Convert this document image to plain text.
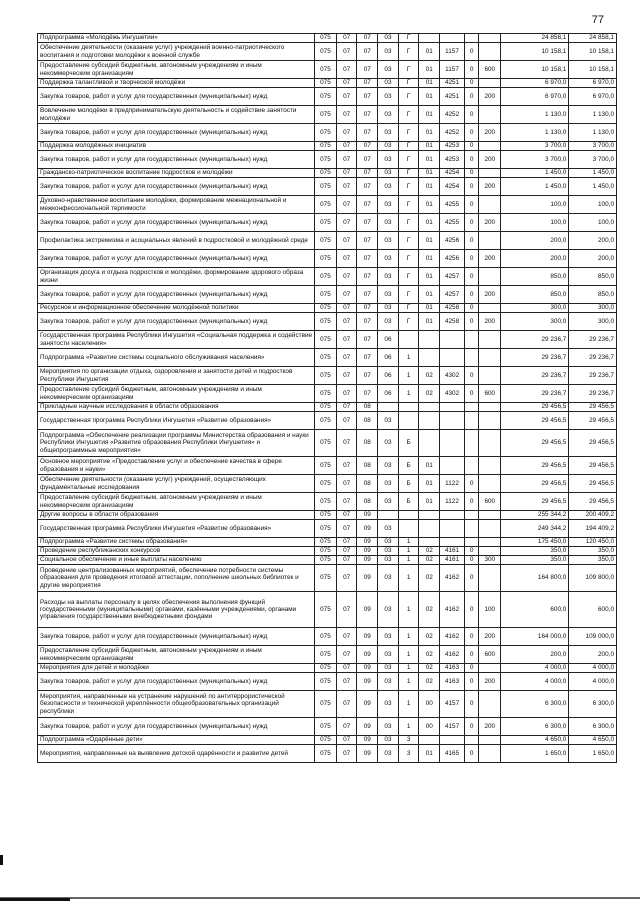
77
Подпрограмма «Молодёжь Ингушетии»	075	07	07	03	Г					24 858,1	24 858,1
Обеспечение деятельности (оказание услуг) учреждений военно-патриотического воспитания и подготовки молодёжи к военной службе	075	07	07	03	Г	01	1157	0		10 158,1	10 158,1
Предоставление субсидий бюджетным, автономным учреждениям и иным некоммерческим организациям	075	07	07	03	Г	01	1157	0	600	10 158,1	10 158,1
Поддержка талантливой и творческой молодёжи	075	07	07	03	Г	01	4251	0		6 970,0	6 970,0
Закупка товаров, работ и услуг для государственных (муниципальных) нужд	075	07	07	03	Г	01	4251	0	200	6 970,0	6 970,0
Вовлечение молодёжи в предпринимательскую деятельность и содействие занятости молодёжи	075	07	07	03	Г	01	4252	0		1 130,0	1 130,0
Закупка товаров, работ и услуг для государственных (муниципальных) нужд	075	07	07	03	Г	01	4252	0	200	1 130,0	1 130,0
Поддержка молодёжных инициатив	075	07	07	03	Г	01	4253	0		3 700,0	3 700,0
Закупка товаров, работ и услуг для государственных (муниципальных) нужд	075	07	07	03	Г	01	4253	0	200	3 700,0	3 700,0
Гражданско-патриотическое воспитание подростков и молодёжи	075	07	07	03	Г	01	4254	0		1 450,0	1 450,0
Закупка товаров, работ и услуг для государственных (муниципальных) нужд	075	07	07	03	Г	01	4254	0	200	1 450,0	1 450,0
Духовно-нравственное воспитание молодёжи, формирование межнациональной и межконфессиональной терпимости	075	07	07	03	Г	01	4255	0		100,0	100,0
Закупка товаров, работ и услуг для государственных (муниципальных) нужд	075	07	07	03	Г	01	4255	0	200	100,0	100,0
Профилактика экстремизма и асоциальных явлений в подростковой и молодёжной среде	075	07	07	03	Г	01	4256	0		200,0	200,0
Закупка товаров, работ и услуг для государственных (муниципальных) нужд	075	07	07	03	Г	01	4256	0	200	200,0	200,0
Организация досуга и отдыха подростков и молодёжи, формирование здорового образа жизни	075	07	07	03	Г	01	4257	0		850,0	850,0
Закупка товаров, работ и услуг для государственных (муниципальных) нужд	075	07	07	03	Г	01	4257	0	200	850,0	850,0
Ресурсное и информационное обеспечение молодёжной политики	075	07	07	03	Г	01	4258	0		300,0	300,0
Закупка товаров, работ и услуг для государственных (муниципальных) нужд	075	07	07	03	Г	01	4258	0	200	300,0	300,0
Государственная программа Республики Ингушетия «Социальная поддержка и содействие занятости населения»	075	07	07	06						29 236,7	29 236,7
Подпрограмма «Развитие системы социального обслуживания населения»	075	07	07	06	1					29 236,7	29 236,7
Мероприятия по организации отдыха, оздоровления и занятости детей и подростков Республики Ингушетия	075	07	07	06	1	02	4302	0		29 236,7	29 236,7
Предоставление субсидий бюджетным, автономным учреждениям и иным некоммерческим организациям	075	07	07	06	1	02	4302	0	600	29 236,7	29 236,7
Прикладные научные исследования в области образования	075	07	08							29 456,5	29 456,5
Государственная программа Республики Ингушетия «Развитие образования»	075	07	08	03						29 456,5	29 456,5
Подпрограмма «Обеспечение реализации программы Министерства образования и науки Республики Ингушетия «Развитие образования Республики Ингушетия» и общепрограммные мероприятия»	075	07	08	03	Б					29 456,5	29 456,5
Основное мероприятие «Предоставление услуг и обеспечение качества в сфере образования и науки»	075	07	08	03	Б	01				29 456,5	29 456,5
Обеспечение деятельности (оказание услуг) учреждений, осуществляющих фундаментальные исследования	075	07	08	03	Б	01	1122	0		29 456,5	29 456,5
Предоставление субсидий бюджетным, автономным учреждениям и иным некоммерческим организациям	075	07	08	03	Б	01	1122	0	600	29 456,5	29 456,5
Другие вопросы в области образования	075	07	09							255 344,2	200 409,2
Государственная программа Республики Ингушетия «Развитие образования»	075	07	09	03						249 344,2	194 409,2
Подпрограмма «Развитие системы образования»	075	07	09	03	1					175 450,0	120 450,0
Проведение республиканских конкурсов	075	07	09	03	1	02	4161	0		350,0	350,0
Социальное обеспечение и иные выплаты населению	075	07	09	03	1	02	4161	0	300	350,0	350,0
Проведение централизованных мероприятий, обеспечение потребности системы образования для проведения итоговой аттестации, пополнение школьных библиотек и другие мероприятия	075	07	09	03	1	02	4162	0		164 800,0	109 800,0
Расходы на выплаты персоналу в целях обеспечения выполнения функций государственными (муниципальными) органами, казёнными учреждениями, органами управления государственными внебюджетными фондами	075	07	09	03	1	02	4162	0	100	600,0	600,0
Закупка товаров, работ и услуг для государственных (муниципальных) нужд	075	07	09	03	1	02	4162	0	200	164 000,0	109 000,0
Предоставление субсидий бюджетным, автономным учреждениям и иным некоммерческим организациям	075	07	09	03	1	02	4162	0	600	200,0	200,0
Мероприятия для детей и молодёжи	075	07	09	03	1	02	4163	0		4 000,0	4 000,0
Закупка товаров, работ и услуг для государственных (муниципальных) нужд	075	07	09	03	1	02	4163	0	200	4 000,0	4 000,0
Мероприятия, направленные на устранение нарушений по антитеррористической безопасности и технической укреплённости общеобразовательных организаций республики	075	07	09	03	1	00	4157	0		6 300,0	6 300,0
Закупка товаров, работ и услуг для государственных (муниципальных) нужд	075	07	09	03	1	00	4157	0	200	6 300,0	6 300,0
Подпрограмма «Одарённые дети»	075	07	09	03	3					4 650,0	4 650,0
Мероприятия, направленные на выявление детской одарённости и развитие детей	075	07	09	03	3	01	4165	0		1 650,0	1 650,0
